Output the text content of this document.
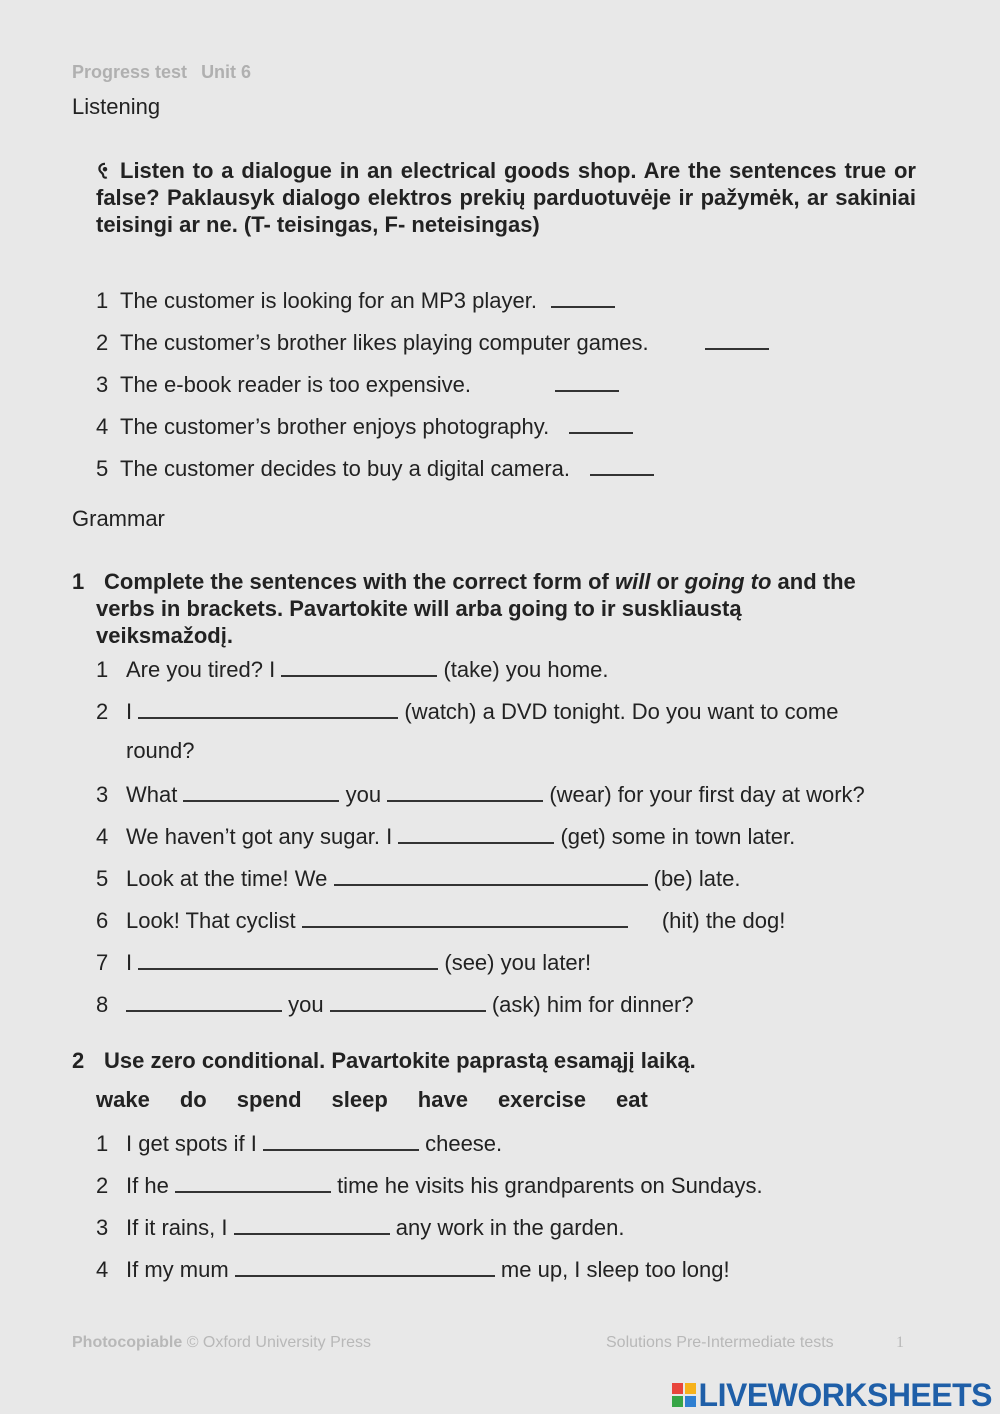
Progress test Unit 6
Listening
Listen to a dialogue in an electrical goods shop. Are the sentences true or false? Paklausyk dialogo elektros prekių parduotuvėje ir pažymėk, ar sakiniai teisingi ar ne. (T- teisingas, F- neteisingas)
1 The customer is looking for an MP3 player.
2 The customer’s brother likes playing computer games.
3 The e-book reader is too expensive.
4 The customer’s brother enjoys photography.
5 The customer decides to buy a digital camera.
Grammar
1 Complete the sentences with the correct form of will or going to and the
verbs in brackets. Pavartokite will arba going to ir suskliaustą
veiksmažodį.
1 Are you tired? I	(take) you home.
2 I	(watch) a DVD tonight. Do you want to come
round?
3 What	you	(wear) for your first day at work?
4 We haven’t got any sugar. I	(get) some in town later.
5 Look at the time! We	(be) late.
6 Look! That cyclist	(hit) the dog!
7 I	(see) you later!
8	you	(ask) him for dinner?
2 Use zero conditional. Pavartokite paprastą esamąjį laiką.
wake do spend sleep have exercise eat
1 I get spots if I	cheese.
2 If he	time he visits his grandparents on Sundays.
3 If it rains, I	any work in the garden.
4 If my mum	me up, I sleep too long!
Photocopiable © Oxford University Press	Solutions Pre-Intermediate tests	1
LIVEWORKSHEETS
